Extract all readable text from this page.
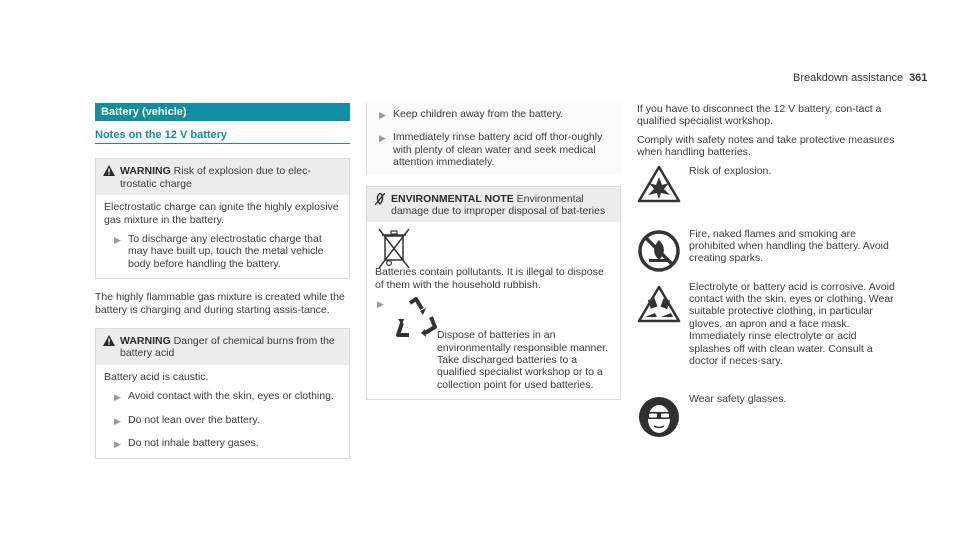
Breakdown assistance 361
Battery (vehicle)
Notes on the 12 V battery
WARNING Risk of explosion due to elec-trostatic charge
Electrostatic charge can ignite the highly explosive gas mixture in the battery.
▶ To discharge any electrostatic charge that may have built up, touch the metal vehicle body before handling the battery.
The highly flammable gas mixture is created while the battery is charging and during starting assis-tance.
WARNING Danger of chemical burns from the battery acid
Battery acid is caustic.
▶ Avoid contact with the skin, eyes or clothing.
▶ Do not lean over the battery.
▶ Do not inhale battery gases.
▶ Keep children away from the battery.
▶ Immediately rinse battery acid off thor-oughly with plenty of clean water and seek medical attention immediately.
ENVIRONMENTAL NOTE Environmental damage due to improper disposal of bat-teries
Batteries contain pollutants. It is illegal to dispose of them with the household rubbish.
▶
Dispose of batteries in an environmentally responsible manner. Take discharged batteries to a qualified specialist workshop or to a collection point for used batteries.

If you have to disconnect the 12 V battery, con-tact a qualified specialist workshop.

Comply with safety notes and take protective measures when handling batteries.

Risk of explosion.
Fire, naked flames and smoking are prohibited when handling the battery. Avoid creating sparks.
Electrolyte or battery acid is corrosive. Avoid contact with the skin, eyes or clothing. Wear suitable protective clothing, in particular gloves, an apron and a face mask. Immediately rinse electrolyte or acid splashes off with clean water. Consult a doctor if neces-sary.
Wear safety glasses.
